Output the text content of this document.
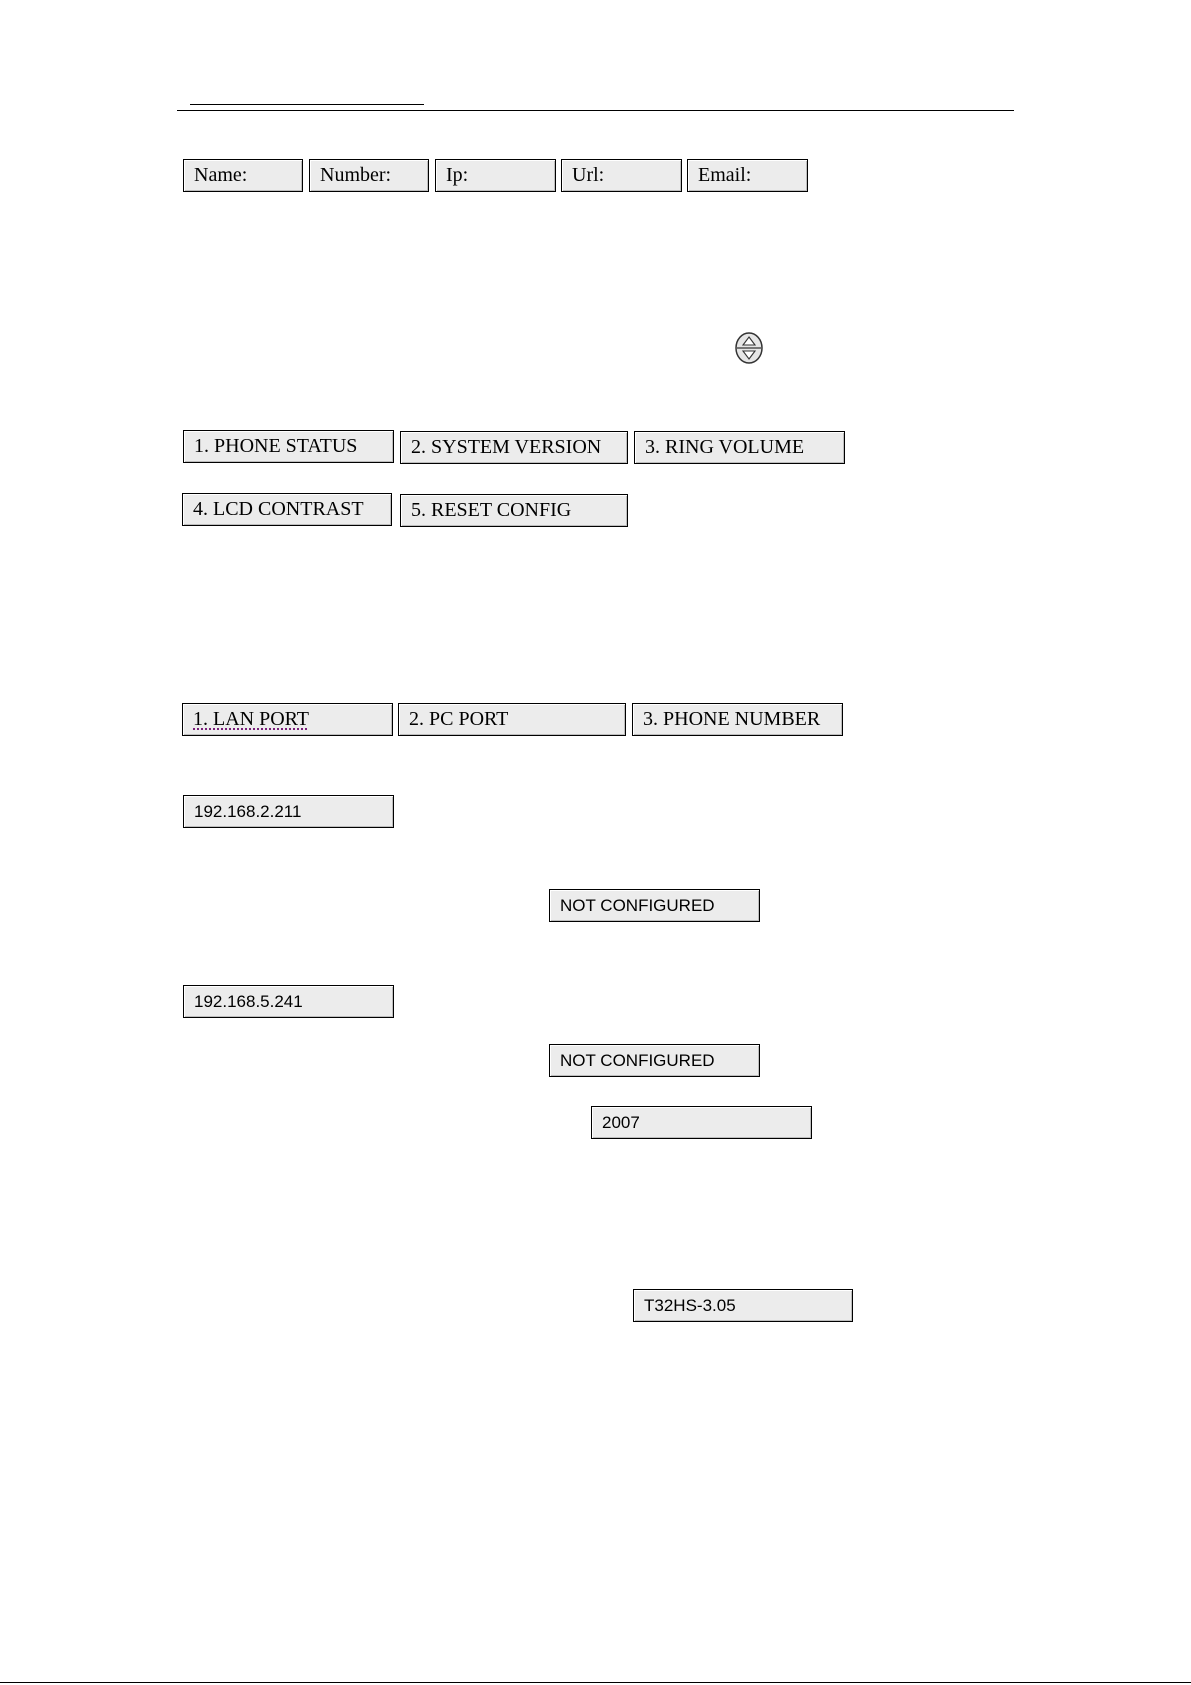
Name:	Number:	Ip:	Url:	Email:
1. PHONE STATUS	2. SYSTEM VERSION	3. RING VOLUME
4. LCD CONTRAST	5. RESET CONFIG
1. LAN PORT	2. PC PORT	3. PHONE NUMBER
192.168.2.211
NOT CONFIGURED
192.168.5.241
NOT CONFIGURED
2007
T32HS-3.05
